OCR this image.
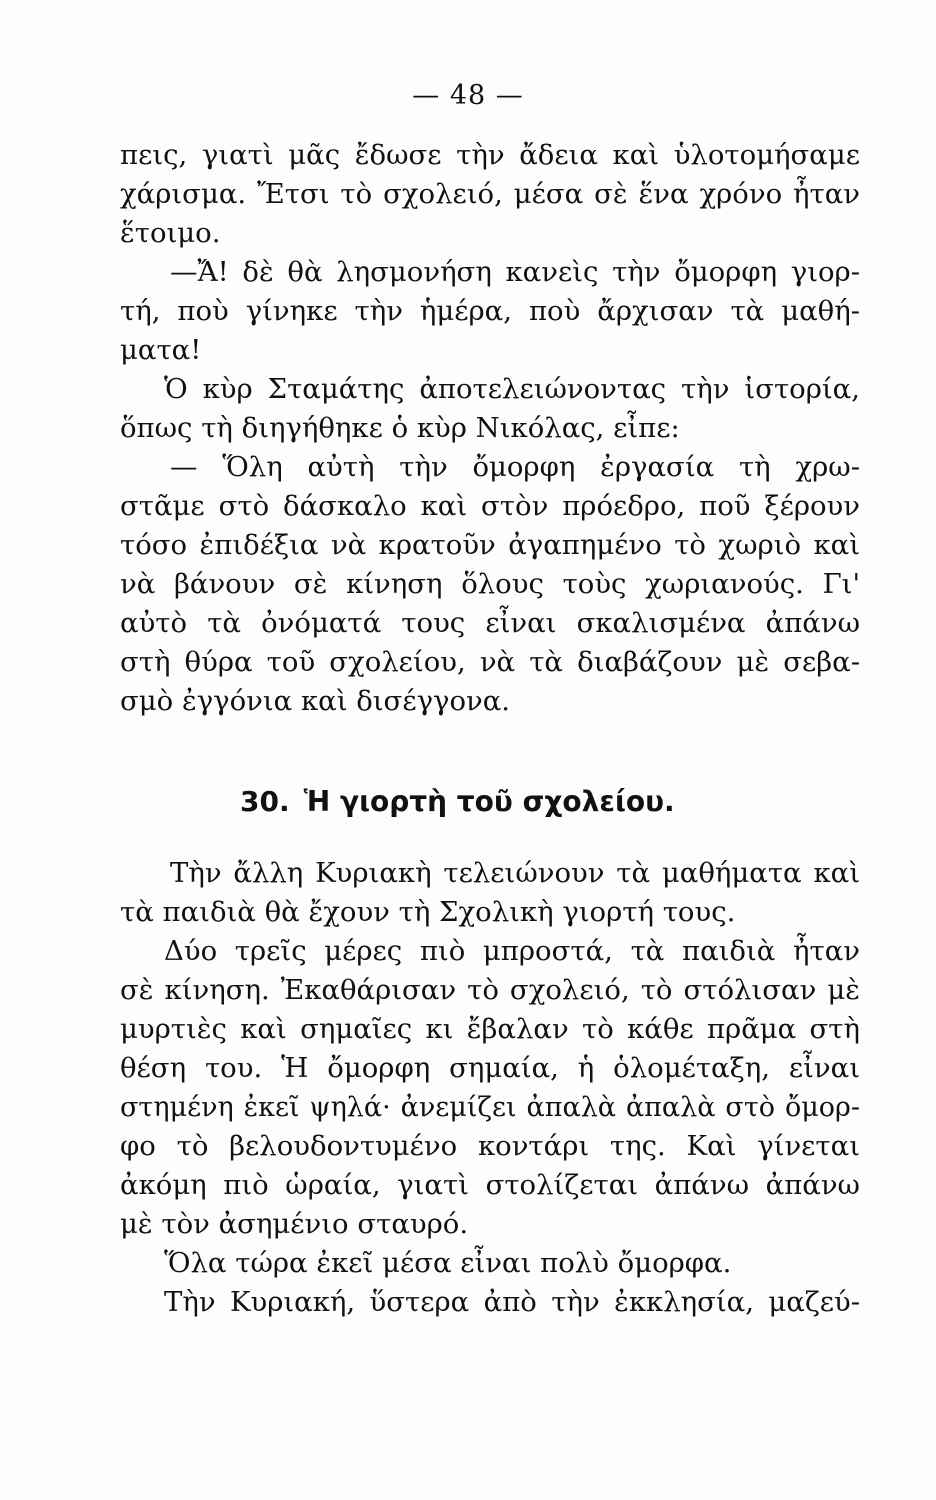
— 48 —
πεις, γιατὶ μᾶς ἔδωσε τὴν ἄδεια καὶ ὑλοτομήσαμε
χάρισμα. Ἔτσι τὸ σχολειό, μέσα σὲ ἕνα χρόνο ἦταν
ἕτοιμο.
—Ἄ! δὲ θὰ λησμονήση κανεὶς τὴν ὄμορφη γιορ-
τή, ποὺ γίνηκε τὴν ἡμέρα, ποὺ ἄρχισαν τὰ μαθή-
ματα!
Ὁ κὺρ Σταμάτης ἀποτελειώνοντας τὴν ἱστορία,
ὅπως τὴ διηγήθηκε ὁ κὺρ Νικόλας, εἶπε:
— Ὅλη αὐτὴ τὴν ὄμορφη ἐργασία τὴ χρω-
στᾶμε στὸ δάσκαλο καὶ στὸν πρόεδρο, ποῦ ξέρουν
τόσο ἐπιδέξια νὰ κρατοῦν ἀγαπημένο τὸ χωριὸ καὶ
νὰ βάνουν σὲ κίνηση ὅλους τοὺς χωριανούς. Γι'
αὐτὸ τὰ ὀνόματά τους εἶναι σκαλισμένα ἀπάνω
στὴ θύρα τοῦ σχολείου, νὰ τὰ διαβάζουν μὲ σεβα-
σμὸ ἐγγόνια καὶ δισέγγονα.
30. Ἡ γιορτὴ τοῦ σχολείου.
Τὴν ἄλλη Κυριακὴ τελειώνουν τὰ μαθήματα καὶ
τὰ παιδιὰ θὰ ἔχουν τὴ Σχολικὴ γιορτή τους.
Δύο τρεῖς μέρες πιὸ μπροστά, τὰ παιδιὰ ἦταν
σὲ κίνηση. Ἐκαθάρισαν τὸ σχολειό, τὸ στόλισαν μὲ
μυρτιὲς καὶ σημαῖες κι ἔβαλαν τὸ κάθε πρᾶμα στὴ
θέση του. Ἡ ὄμορφη σημαία, ἡ ὁλομέταξη, εἶναι
στημένη ἐκεῖ ψηλά· ἀνεμίζει ἀπαλὰ ἀπαλὰ στὸ ὄμορ-
φο τὸ βελουδοντυμένο κοντάρι της. Καὶ γίνεται
ἀκόμη πιὸ ὡραία, γιατὶ στολίζεται ἀπάνω ἀπάνω
μὲ τὸν ἀσημένιο σταυρό.
Ὅλα τώρα ἐκεῖ μέσα εἶναι πολὺ ὄμορφα.
Τὴν Κυριακή, ὕστερα ἀπὸ τὴν ἐκκλησία, μαζεύ-
